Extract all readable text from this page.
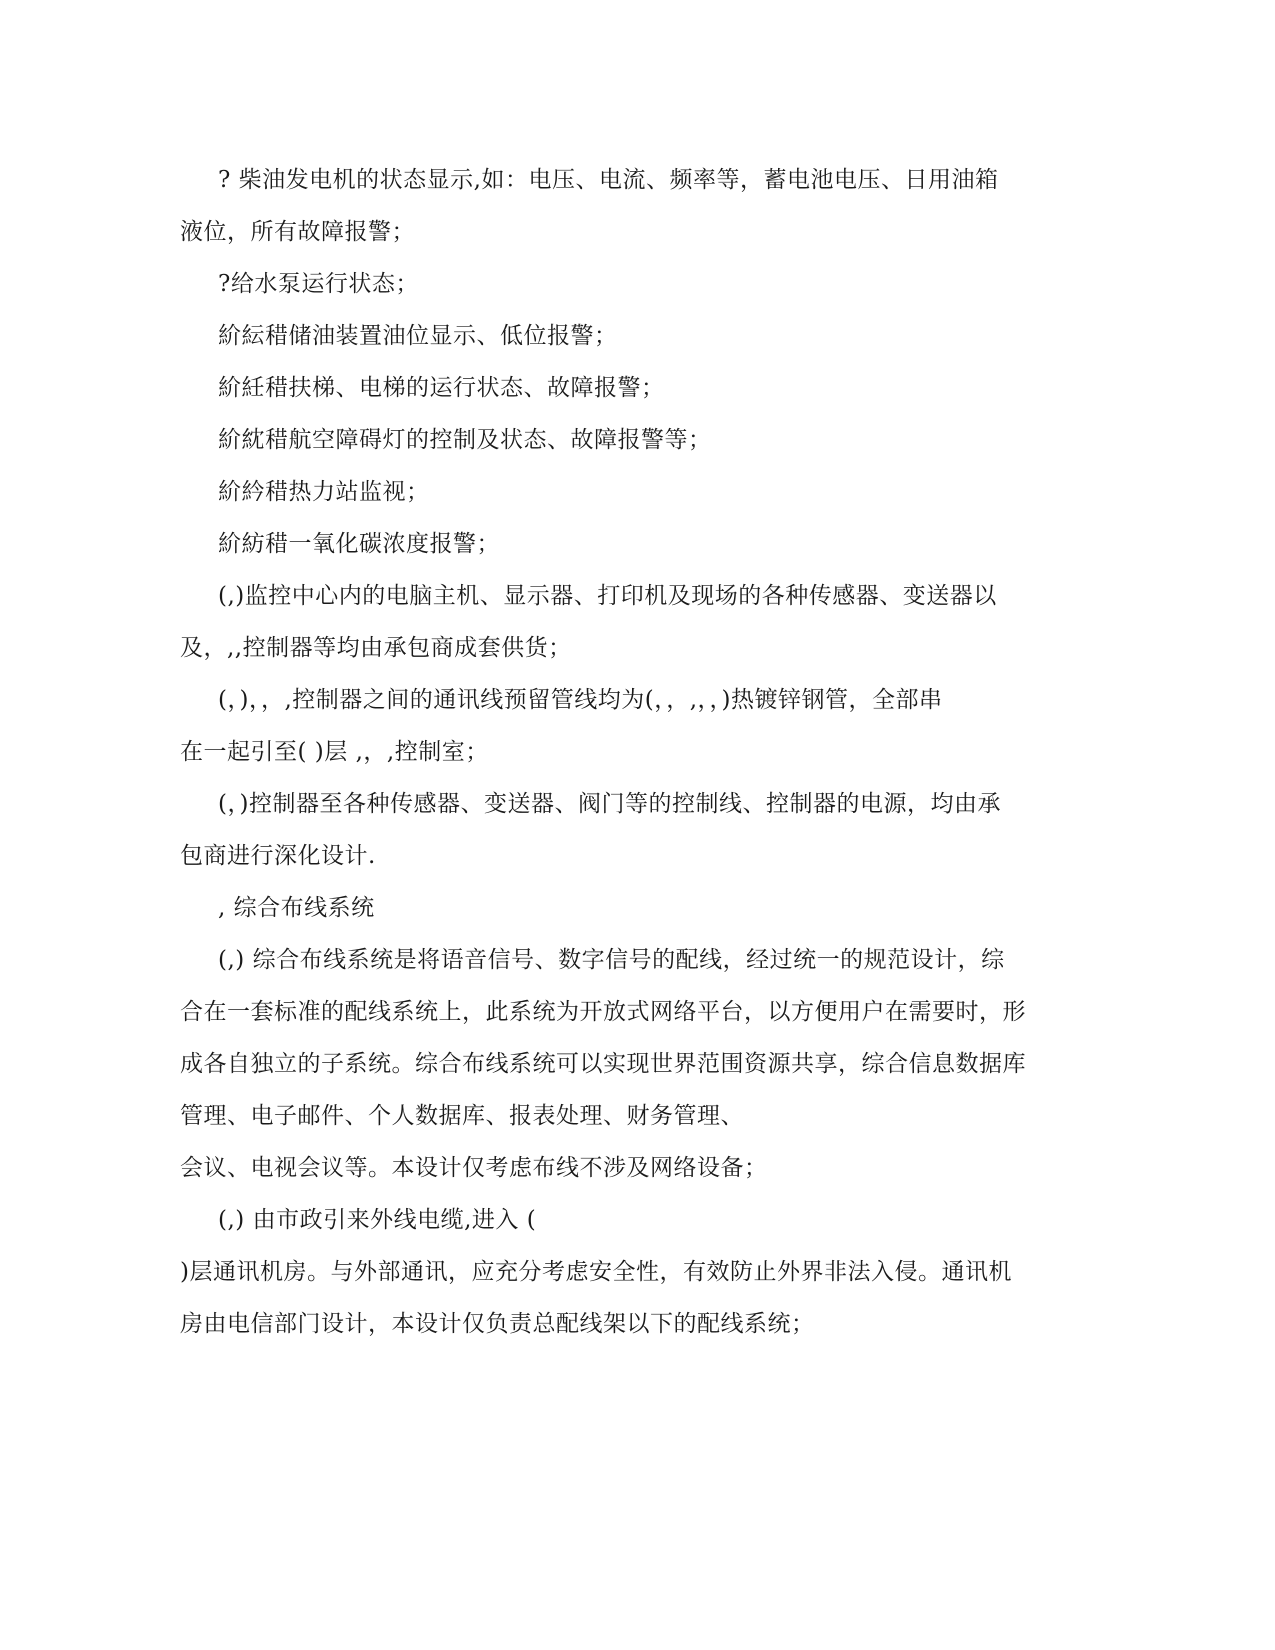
? 柴油发电机的状态显示,如：电压、电流、频率等，蓄电池电压、日用油箱
液位，所有故障报警；
?给水泵运行状态；
紒紜稓储油装置油位显示、低位报警；
紒紝稓扶梯、电梯的运行状态、故障报警；
紒紞稓航空障碍灯的控制及状态、故障报警等；
紒紟稓热力站监视；
紒紡稓一氧化碳浓度报警；
(,)监控中心内的电脑主机、显示器、打印机及现场的各种传感器、变送器以
及，,,控制器等均由承包商成套供货；
(，)，，,控制器之间的通讯线预留管线均为(，，,，，)热镀锌钢管，全部串
在一起引至( )层 ,，,控制室；
(，)控制器至各种传感器、变送器、阀门等的控制线、控制器的电源，均由承
包商进行深化设计.
, 综合布线系统
(,) 综合布线系统是将语音信号、数字信号的配线，经过统一的规范设计，综
合在一套标准的配线系统上，此系统为开放式网络平台，以方便用户在需要时，形
成各自独立的子系统。综合布线系统可以实现世界范围资源共享，综合信息数据库
管理、电子邮件、个人数据库、报表处理、财务管理、
会议、电视会议等。本设计仅考虑布线不涉及网络设备；
(,) 由市政引来外线电缆,进入 (
)层通讯机房。与外部通讯，应充分考虑安全性，有效防止外界非法入侵。通讯机
房由电信部门设计，本设计仅负责总配线架以下的配线系统；
